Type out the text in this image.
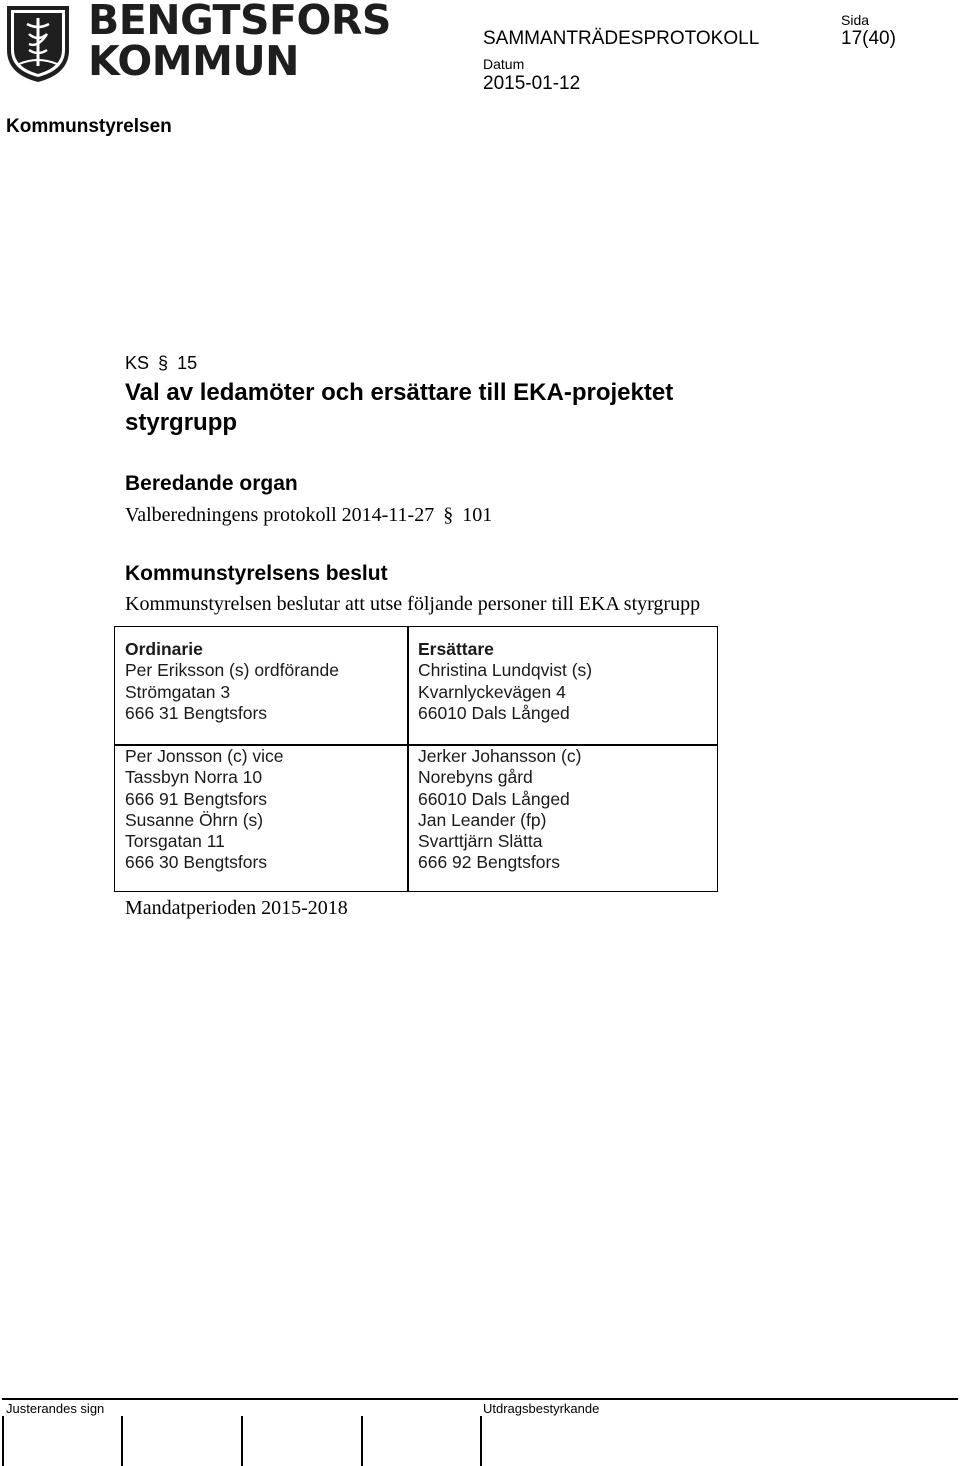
BENGTSFORS
KOMMUN	SAMMANTRÄDESPROTOKOLL
Sida
17(40)
Datum
2015-01-12
Kommunstyrelsen
KS § 15
Val av ledamöter och ersättare till EKA-projektet
styrgrupp
Beredande organ
Valberedningens protokoll 2014-11-27 § 101
Kommunstyrelsens beslut
Kommunstyrelsen beslutar att utse följande personer till EKA styrgrupp
Ordinarie
Per Eriksson (s) ordförande
Strömgatan 3
666 31 Bengtsfors
Ersättare
Christina Lundqvist (s)
Kvarnlyckevägen 4
66010 Dals Långed
Per Jonsson (c) vice
Tassbyn Norra 10
666 91 Bengtsfors
Susanne Öhrn (s)
Torsgatan 11
666 30 Bengtsfors
Jerker Johansson (c)
Norebyns gård
66010 Dals Långed
Jan Leander (fp)
Svarttjärn Slätta
666 92 Bengtsfors
Mandatperioden 2015-2018
Justerandes sign	Utdragsbestyrkande
